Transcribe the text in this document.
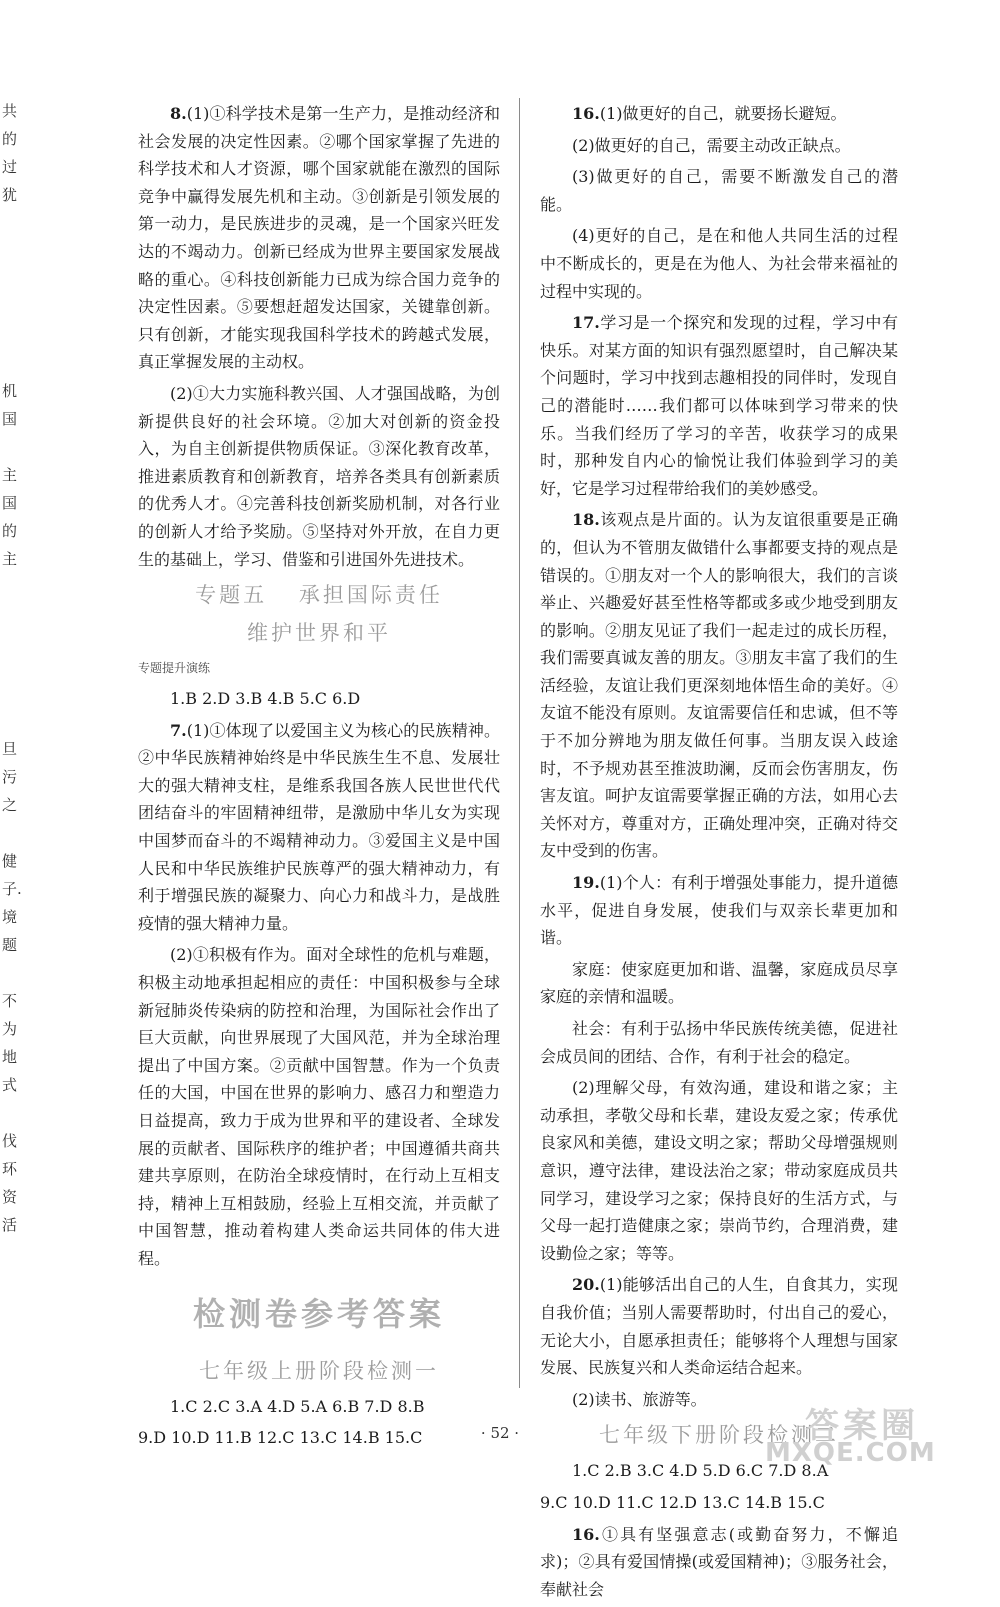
共
的
过
犹
机
国
主
国
的
主
旦
污
之
健
子.
境
题
不
为
地
式
伐
环
资
活

8.(1)①科学技术是第一生产力，是推动经济和社会发展的决定性因素。②哪个国家掌握了先进的科学技术和人才资源，哪个国家就能在激烈的国际竞争中赢得发展先机和主动。③创新是引领发展的第一动力，是民族进步的灵魂，是一个国家兴旺发达的不竭动力。创新已经成为世界主要国家发展战略的重心。④科技创新能力已成为综合国力竞争的决定性因素。⑤要想赶超发达国家，关键靠创新。只有创新，才能实现我国科学技术的跨越式发展，真正掌握发展的主动权。

(2)①大力实施科教兴国、人才强国战略，为创新提供良好的社会环境。②加大对创新的资金投入，为自主创新提供物质保证。③深化教育改革，推进素质教育和创新教育，培养各类具有创新素质的优秀人才。④完善科技创新奖励机制，对各行业的创新人才给予奖励。⑤坚持对外开放，在自力更生的基础上，学习、借鉴和引进国外先进技术。

专题五 承担国际责任
维护世界和平
专题提升演练
1.B 2.D 3.B 4.B 5.C 6.D

7.(1)①体现了以爱国主义为核心的民族精神。②中华民族精神始终是中华民族生生不息、发展壮大的强大精神支柱，是维系我国各族人民世世代代团结奋斗的牢固精神纽带，是激励中华儿女为实现中国梦而奋斗的不竭精神动力。③爱国主义是中国人民和中华民族维护民族尊严的强大精神动力，有利于增强民族的凝聚力、向心力和战斗力，是战胜疫情的强大精神力量。

(2)①积极有作为。面对全球性的危机与难题，积极主动地承担起相应的责任：中国积极参与全球新冠肺炎传染病的防控和治理，为国际社会作出了巨大贡献，向世界展现了大国风范，并为全球治理提出了中国方案。②贡献中国智慧。作为一个负责任的大国，中国在世界的影响力、感召力和塑造力日益提高，致力于成为世界和平的建设者、全球发展的贡献者、国际秩序的维护者；中国遵循共商共建共享原则，在防治全球疫情时，在行动上互相支持，精神上互相鼓励，经验上互相交流，并贡献了中国智慧，推动着构建人类命运共同体的伟大进程。

检测卷参考答案
七年级上册阶段检测一
1.C 2.C 3.A 4.D 5.A 6.B 7.D 8.B
9.D 10.D 11.B 12.C 13.C 14.B 15.C

16.(1)做更好的自己，就要扬长避短。

(2)做更好的自己，需要主动改正缺点。

(3)做更好的自己，需要不断激发自己的潜能。

(4)更好的自己，是在和他人共同生活的过程中不断成长的，更是在为他人、为社会带来福祉的过程中实现的。

17.学习是一个探究和发现的过程，学习中有快乐。对某方面的知识有强烈愿望时，自己解决某个问题时，学习中找到志趣相投的同伴时，发现自己的潜能时……我们都可以体味到学习带来的快乐。当我们经历了学习的辛苦，收获学习的成果时，那种发自内心的愉悦让我们体验到学习的美好，它是学习过程带给我们的美妙感受。

18.该观点是片面的。认为友谊很重要是正确的，但认为不管朋友做错什么事都要支持的观点是错误的。①朋友对一个人的影响很大，我们的言谈举止、兴趣爱好甚至性格等都或多或少地受到朋友的影响。②朋友见证了我们一起走过的成长历程，我们需要真诚友善的朋友。③朋友丰富了我们的生活经验，友谊让我们更深刻地体悟生命的美好。④友谊不能没有原则。友谊需要信任和忠诚，但不等于不加分辨地为朋友做任何事。当朋友误入歧途时，不予规劝甚至推波助澜，反而会伤害朋友，伤害友谊。呵护友谊需要掌握正确的方法，如用心去关怀对方，尊重对方，正确处理冲突，正确对待交友中受到的伤害。

19.(1)个人：有利于增强处事能力，提升道德水平，促进自身发展，使我们与双亲长辈更加和谐。

家庭：使家庭更加和谐、温馨，家庭成员尽享家庭的亲情和温暖。

社会：有利于弘扬中华民族传统美德，促进社会成员间的团结、合作，有利于社会的稳定。

(2)理解父母，有效沟通，建设和谐之家；主动承担，孝敬父母和长辈，建设友爱之家；传承优良家风和美德，建设文明之家；帮助父母增强规则意识，遵守法律，建设法治之家；带动家庭成员共同学习，建设学习之家；保持良好的生活方式，与父母一起打造健康之家；崇尚节约，合理消费，建设勤俭之家；等等。

20.(1)能够活出自己的人生，自食其力，实现自我价值；当别人需要帮助时，付出自己的爱心，无论大小，自愿承担责任；能够将个人理想与国家发展、民族复兴和人类命运结合起来。

(2)读书、旅游等。

七年级下册阶段检测二
1.C 2.B 3.C 4.D 5.D 6.C 7.D 8.A
9.C 10.D 11.C 12.D 13.C 14.B 15.C

16.①具有坚强意志(或勤奋努力，不懈追求)；②具有爱国情操(或爱国精神)；③服务社会，奉献社会

· 52 ·	答案圈
MXQE.COM
